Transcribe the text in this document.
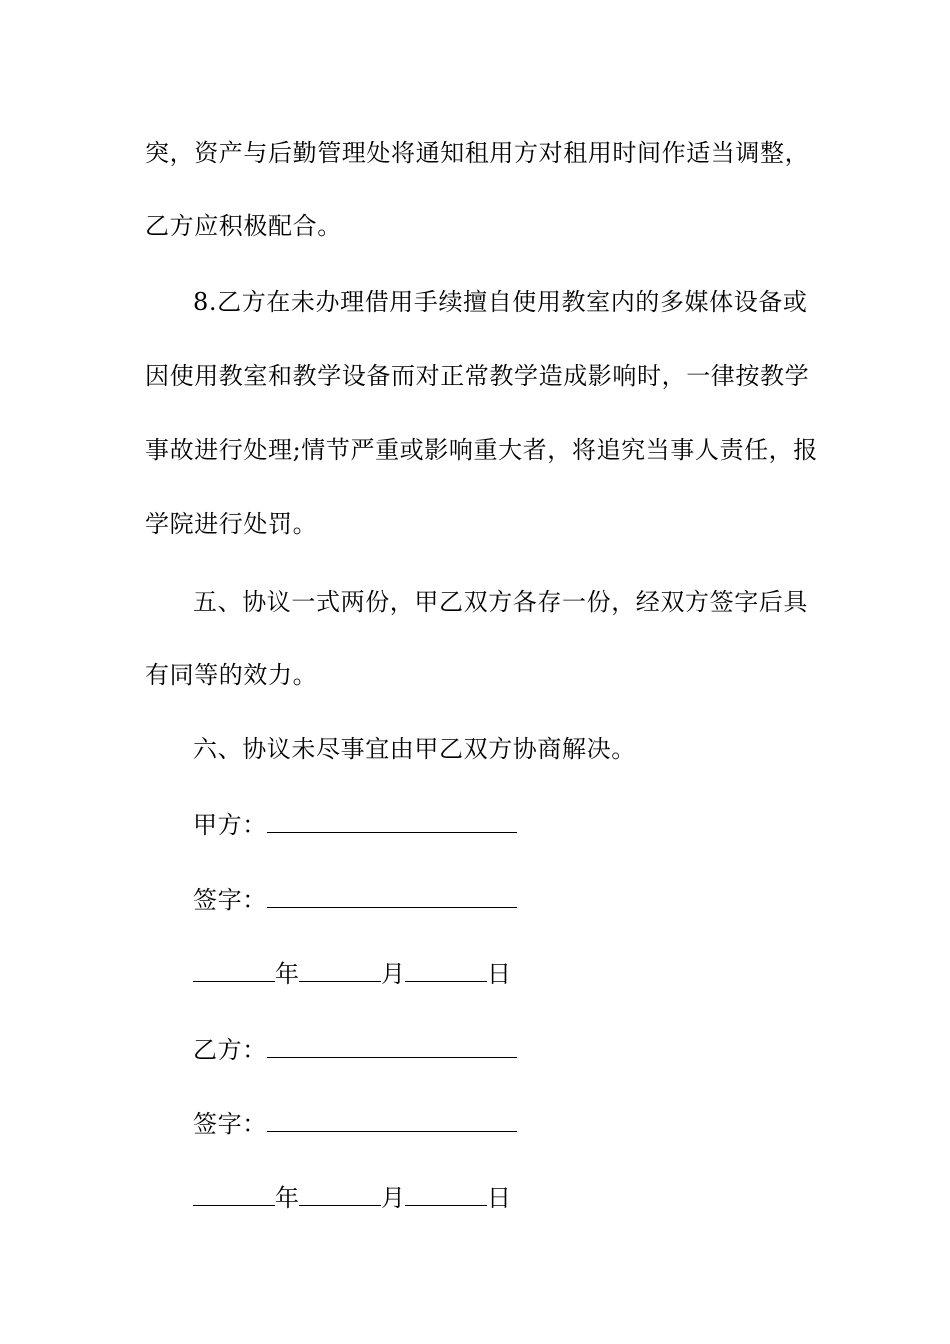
突，资产与后勤管理处将通知租用方对租用时间作适当调整，
乙方应积极配合。
8.乙方在未办理借用手续擅自使用教室内的多媒体设备或
因使用教室和教学设备而对正常教学造成影响时，一律按教学
事故进行处理;情节严重或影响重大者，将追究当事人责任，报
学院进行处罚。
五、协议一式两份，甲乙双方各存一份，经双方签字后具
有同等的效力。
六、协议未尽事宜由甲乙双方协商解决。
甲方：
签字：
年	月	日
乙方：
签字：
年	月	日
